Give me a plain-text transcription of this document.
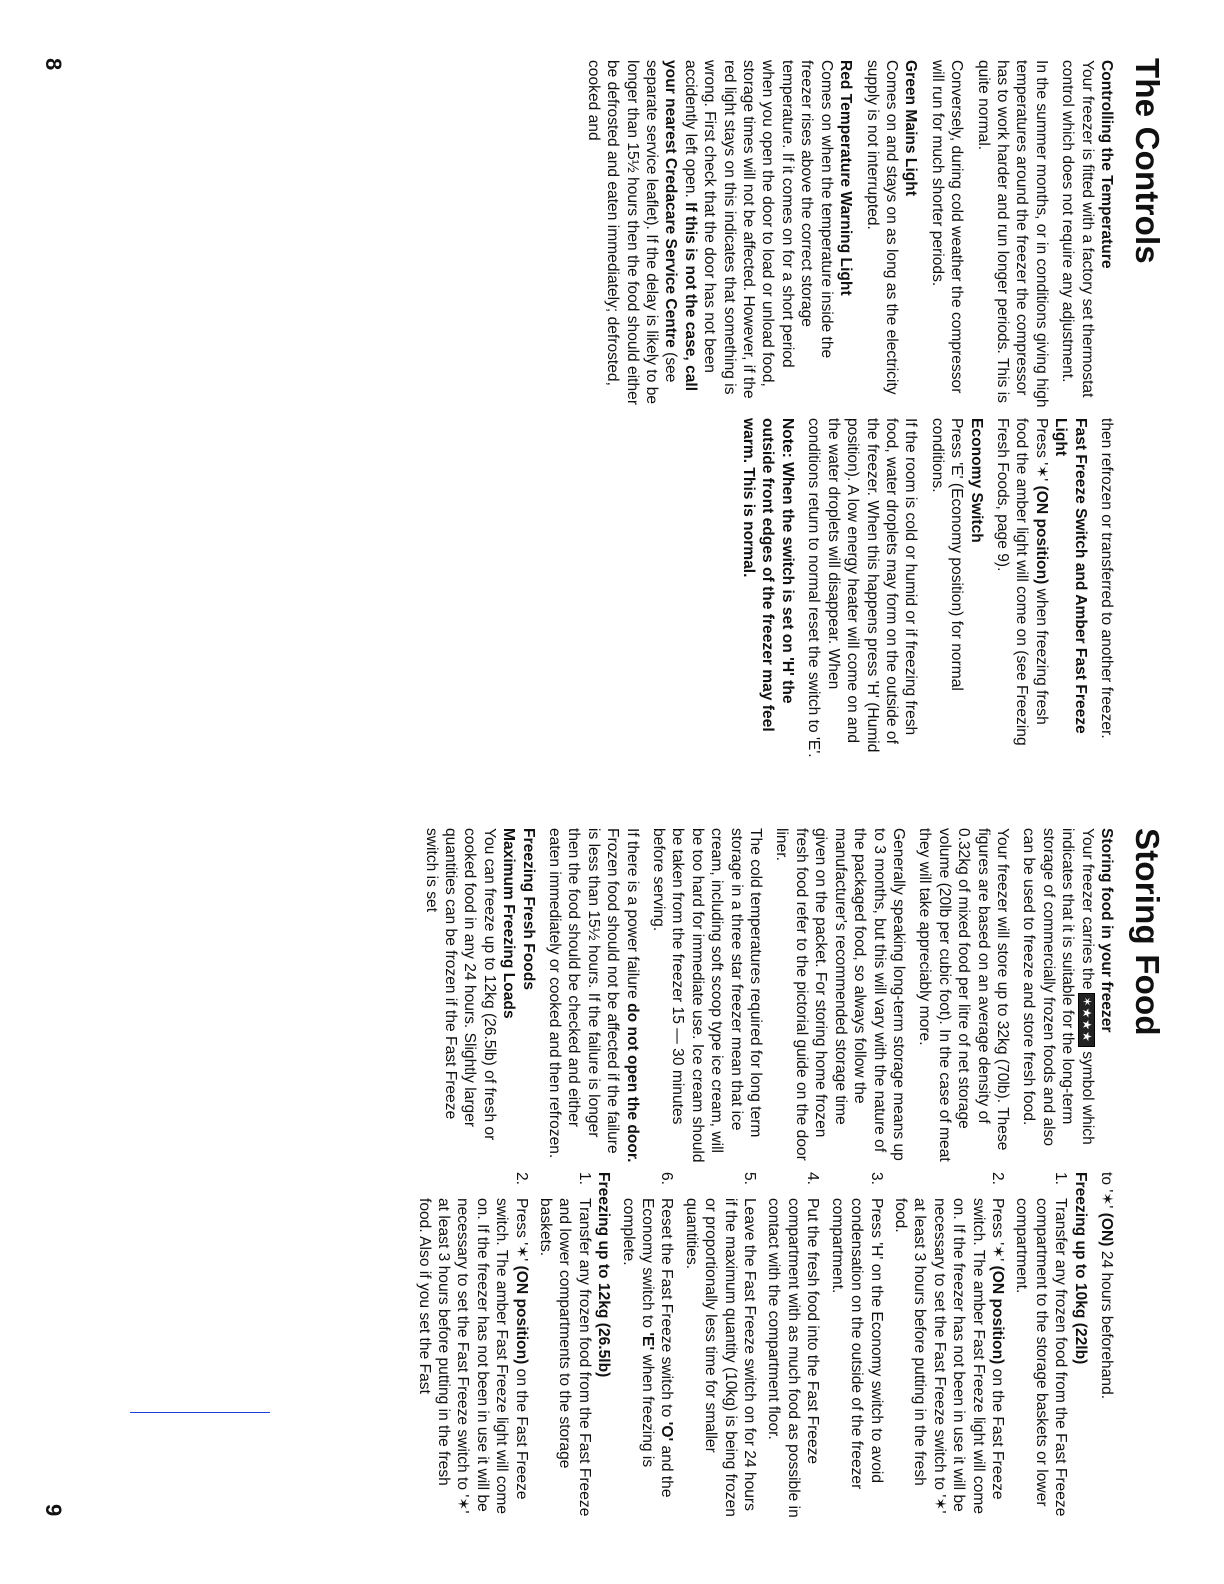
The Controls
Controlling the Temperature

Your freezer is fitted with a factory set thermostat control which does not require any adjustment.

In the summer months, or in conditions giving high temperatures around the freezer the compressor has to work harder and run longer periods. This is quite normal.

Conversely, during cold weather the compressor will run for much shorter periods.

Green Mains Light

Comes on and stays on as long as the electricity supply is not interrupted.

Red Temperature Warning Light

Comes on when the temperature inside the freezer rises above the correct storage temperature. If it comes on for a short period when you open the door to load or unload food, storage times will not be affected. However, if the red light stays on this indicates that something is wrong. First check that the door has not been accidently left open. If this is not the case, call your nearest Credacare Service Centre (see separate service leaflet). If the delay is likely to be longer than 15½ hours then the food should either be defrosted and eaten immediately; defrosted, cooked and

then refrozen or transferred to another freezer.

Fast Freeze Switch and Amber Fast Freeze Light

Press '✶' (ON position) when freezing fresh food the amber light will come on (see Freezing Fresh Foods, page 9).

Economy Switch

Press 'E' (Economy position) for normal conditions.

If the room is cold or humid or if freezing fresh food, water droplets may form on the outside of the freezer. When this happens press 'H' (Humid position). A low energy heater will come on and the water droplets will disappear. When conditions return to normal reset the switch to 'E'.

Note: When the switch is set on 'H' the outside front edges of the freezer may feel warm. This is normal.

8
Storing Food
Storing food in your freezer

Your freezer carries the✶★★★ symbol which indicates that it is suitable for the long-term storage of commercially frozen foods and also can be used to freeze and store fresh food.

Your freezer will store up to 32kg (70lb). These figures are based on an average density of 0.32kg of mixed food per litre of net storage volume (20lb per cubic foot). In the case of meat they will take appreciably more.

Generally speaking long-term storage means up to 3 months, but this will vary with the nature of the packaged food, so always follow the manufacturer's recommended storage time given on the packet. For storing home frozen fresh food refer to the pictorial guide on the door liner.

The cold temperatures required for long term storage in a three star freezer mean that ice cream, including soft scoop type ice cream, will be too hard for immediate use. Ice cream should be taken from the freezer 15 — 30 minutes before serving.

If there is a power failure do not open the door. Frozen food should not be affected if the failure is less than 15½ hours. If the failure is longer then the food should be checked and either eaten immediately or cooked and then refrozen.

Freezing Fresh Foods
Maximum Freezing Loads

You can freeze up to 12kg (26.5lb) of fresh or cooked food in any 24 hours. Slightly larger quantities can be frozen if the Fast Freeze switch is set

to '✶' (ON) 24 hours beforehand.

Freezing up to 10kg (22lb)
1.
Transfer any frozen food from the Fast Freeze compartment to the storage baskets or lower compartment.
2.
Press '✶' (ON position) on the Fast Freeze switch. The amber Fast Freeze light will come on. If the freezer has not been in use it will be necessary to set the Fast Freeze switch to '✶' at least 3 hours before putting in the fresh food.
3.
Press 'H' on the Economy switch to avoid condensation on the outside of the freezer compartment.
4.
Put the fresh food into the Fast Freeze compartment with as much food as possible in contact with the compartment floor.
5.
Leave the Fast Freeze switch on for 24 hours if the maximum quantity (10kg) is being frozen or proportionally less time for smaller quantities.
6.
Reset the Fast Freeze switch to 'O' and the Economy switch to 'E' when freezing is complete.
Freezing up to 12kg (26.5lb)
1.
Transfer any frozen food from the Fast Freeze and lower compartments to the storage baskets.
2.
Press '✶' (ON position) on the Fast Freeze switch. The amber Fast Freeze light will come on. If the freezer has not been in use it will be necessary to set the Fast Freeze switch to '✶' at least 3 hours before putting in the fresh food. Also if you set the Fast
9
